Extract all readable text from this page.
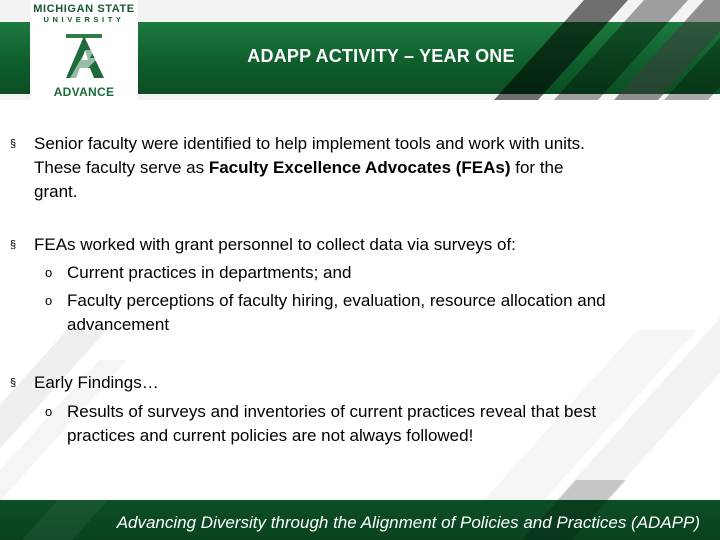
ADAPP ACTIVITY – YEAR ONE
MICHIGAN STATE
UNIVERSITY
ADVANCE
§ Senior faculty were identified to help implement tools and work with units.
These faculty serve as Faculty Excellence Advocates (FEAs) for the
grant.
§ FEAs worked with grant personnel to collect data via surveys of:
o Current practices in departments; and
o Faculty perceptions of faculty hiring, evaluation, resource allocation and
advancement
§ Early Findings…
o Results of surveys and inventories of current practices reveal that best
practices and current policies are not always followed!
Advancing Diversity through the Alignment of Policies and Practices (ADAPP)
